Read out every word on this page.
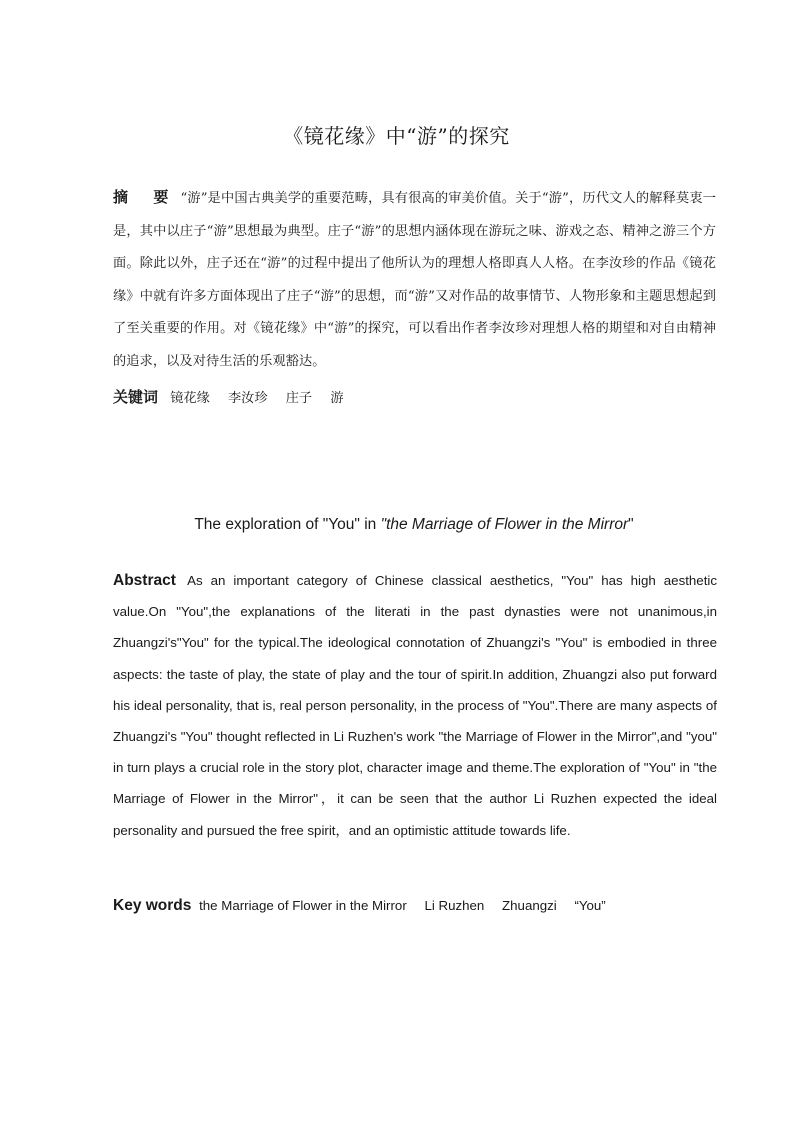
《镜花缘》中“游”的探究
摘 要 “游”是中国古典美学的重要范畴，具有很高的审美价值。关于“游”，历代文人的解释莫衷一是，其中以庄子“游”思想最为典型。庄子“游”的思想内涵体现在游玩之味、游戏之态、精神之游三个方面。除此以外，庄子还在“游”的过程中提出了他所认为的理想人格即真人人格。在李汝珍的作品《镜花缘》中就有许多方面体现出了庄子“游”的思想，而“游”又对作品的故事情节、人物形象和主题思想起到了至关重要的作用。对《镜花缘》中“游”的探究，可以看出作者李汝珍对理想人格的期望和对自由精神的追求，以及对待生活的乐观豁达。
关键词 镜花缘 李汝珍 庄子 游
The exploration of "You" in "the Marriage of Flower in the Mirror"
Abstract As an important category of Chinese classical aesthetics, "You" has high aesthetic value.On "You",the explanations of the literati in the past dynasties were not unanimous,in Zhuangzi's"You" for the typical.The ideological connotation of Zhuangzi's "You" is embodied in three aspects: the taste of play, the state of play and the tour of spirit.In addition, Zhuangzi also put forward his ideal personality, that is, real person personality, in the process of "You".There are many aspects of Zhuangzi's "You" thought reflected in Li Ruzhen's work "the Marriage of Flower in the Mirror",and "you" in turn plays a crucial role in the story plot, character image and theme.The exploration of "You" in "the Marriage of Flower in the Mirror"，it can be seen that the author Li Ruzhen expected the ideal personality and pursued the free spirit，and an optimistic attitude towards life.
Key words the Marriage of Flower in the Mirror Li Ruzhen Zhuangzi “You”
